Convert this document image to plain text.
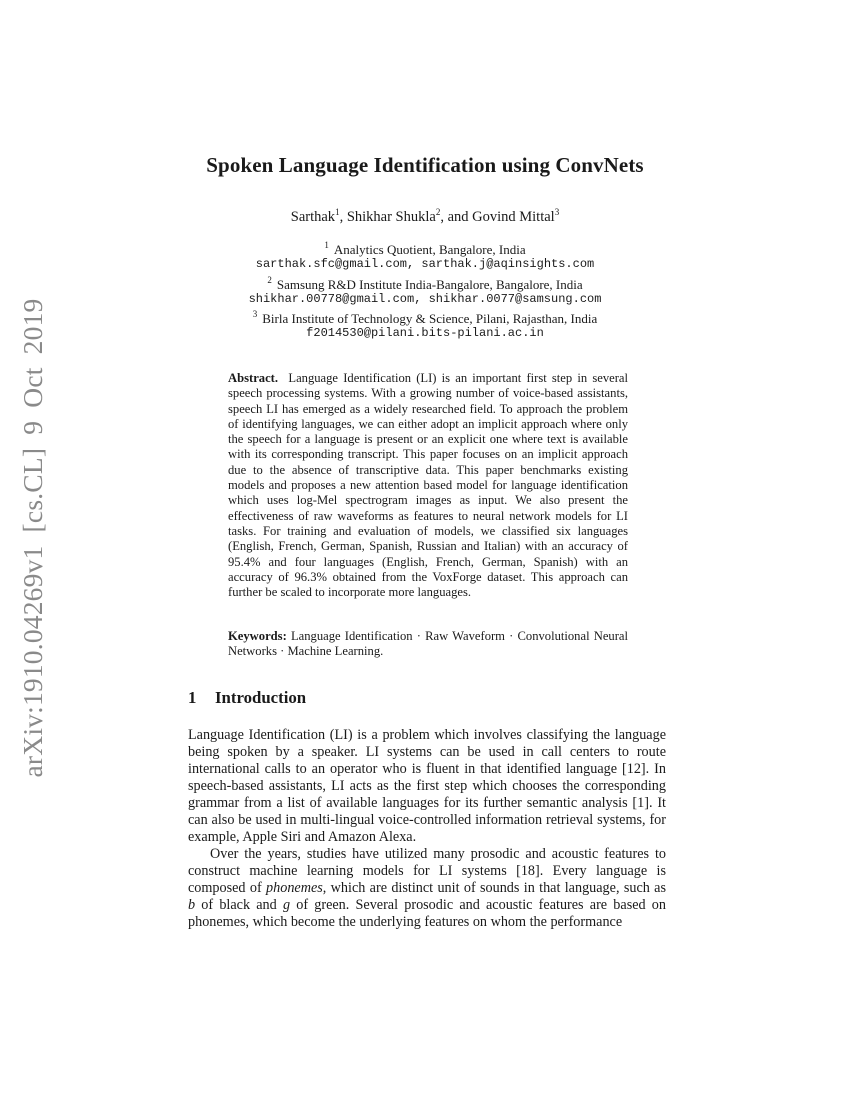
arXiv:1910.04269v1 [cs.CL] 9 Oct 2019
Spoken Language Identification using ConvNets
Sarthak$^1$, Shikhar Shukla$^2$, and Govind Mittal$^3$
$^1$ Analytics Quotient, Bangalore, India
sarthak.sfc@gmail.com, sarthak.j@aqinsights.com
$^2$ Samsung R&D Institute India-Bangalore, Bangalore, India
shikhar.00778@gmail.com, shikhar.0077@samsung.com
$^3$ Birla Institute of Technology & Science, Pilani, Rajasthan, India
f2014530@pilani.bits-pilani.ac.in
Abstract. Language Identification (LI) is an important first step in several speech processing systems. With a growing number of voice-based assistants, speech LI has emerged as a widely researched field. To approach the problem of identifying languages, we can either adopt an implicit approach where only the speech for a language is present or an explicit one where text is available with its corresponding transcript. This paper focuses on an implicit approach due to the absence of transcriptive data. This paper benchmarks existing models and proposes a new attention based model for language identification which uses log-Mel spectrogram images as input. We also present the effectiveness of raw waveforms as features to neural network models for LI tasks. For training and evaluation of models, we classified six languages (English, French, German, Spanish, Russian and Italian) with an accuracy of 95.4% and four languages (English, French, German, Spanish) with an accuracy of 96.3% obtained from the VoxForge dataset. This approach can further be scaled to incorporate more languages.
Keywords: Language Identification · Raw Waveform · Convolutional Neural Networks · Machine Learning.
1 Introduction

Language Identification (LI) is a problem which involves classifying the language being spoken by a speaker. LI systems can be used in call centers to route international calls to an operator who is fluent in that identified language [12]. In speech-based assistants, LI acts as the first step which chooses the corresponding grammar from a list of available languages for its further semantic analysis [1]. It can also be used in multi-lingual voice-controlled information retrieval systems, for example, Apple Siri and Amazon Alexa.

Over the years, studies have utilized many prosodic and acoustic features to construct machine learning models for LI systems [18]. Every language is composed of phonemes, which are distinct unit of sounds in that language, such as b of black and g of green. Several prosodic and acoustic features are based on phonemes, which become the underlying features on whom the performance
